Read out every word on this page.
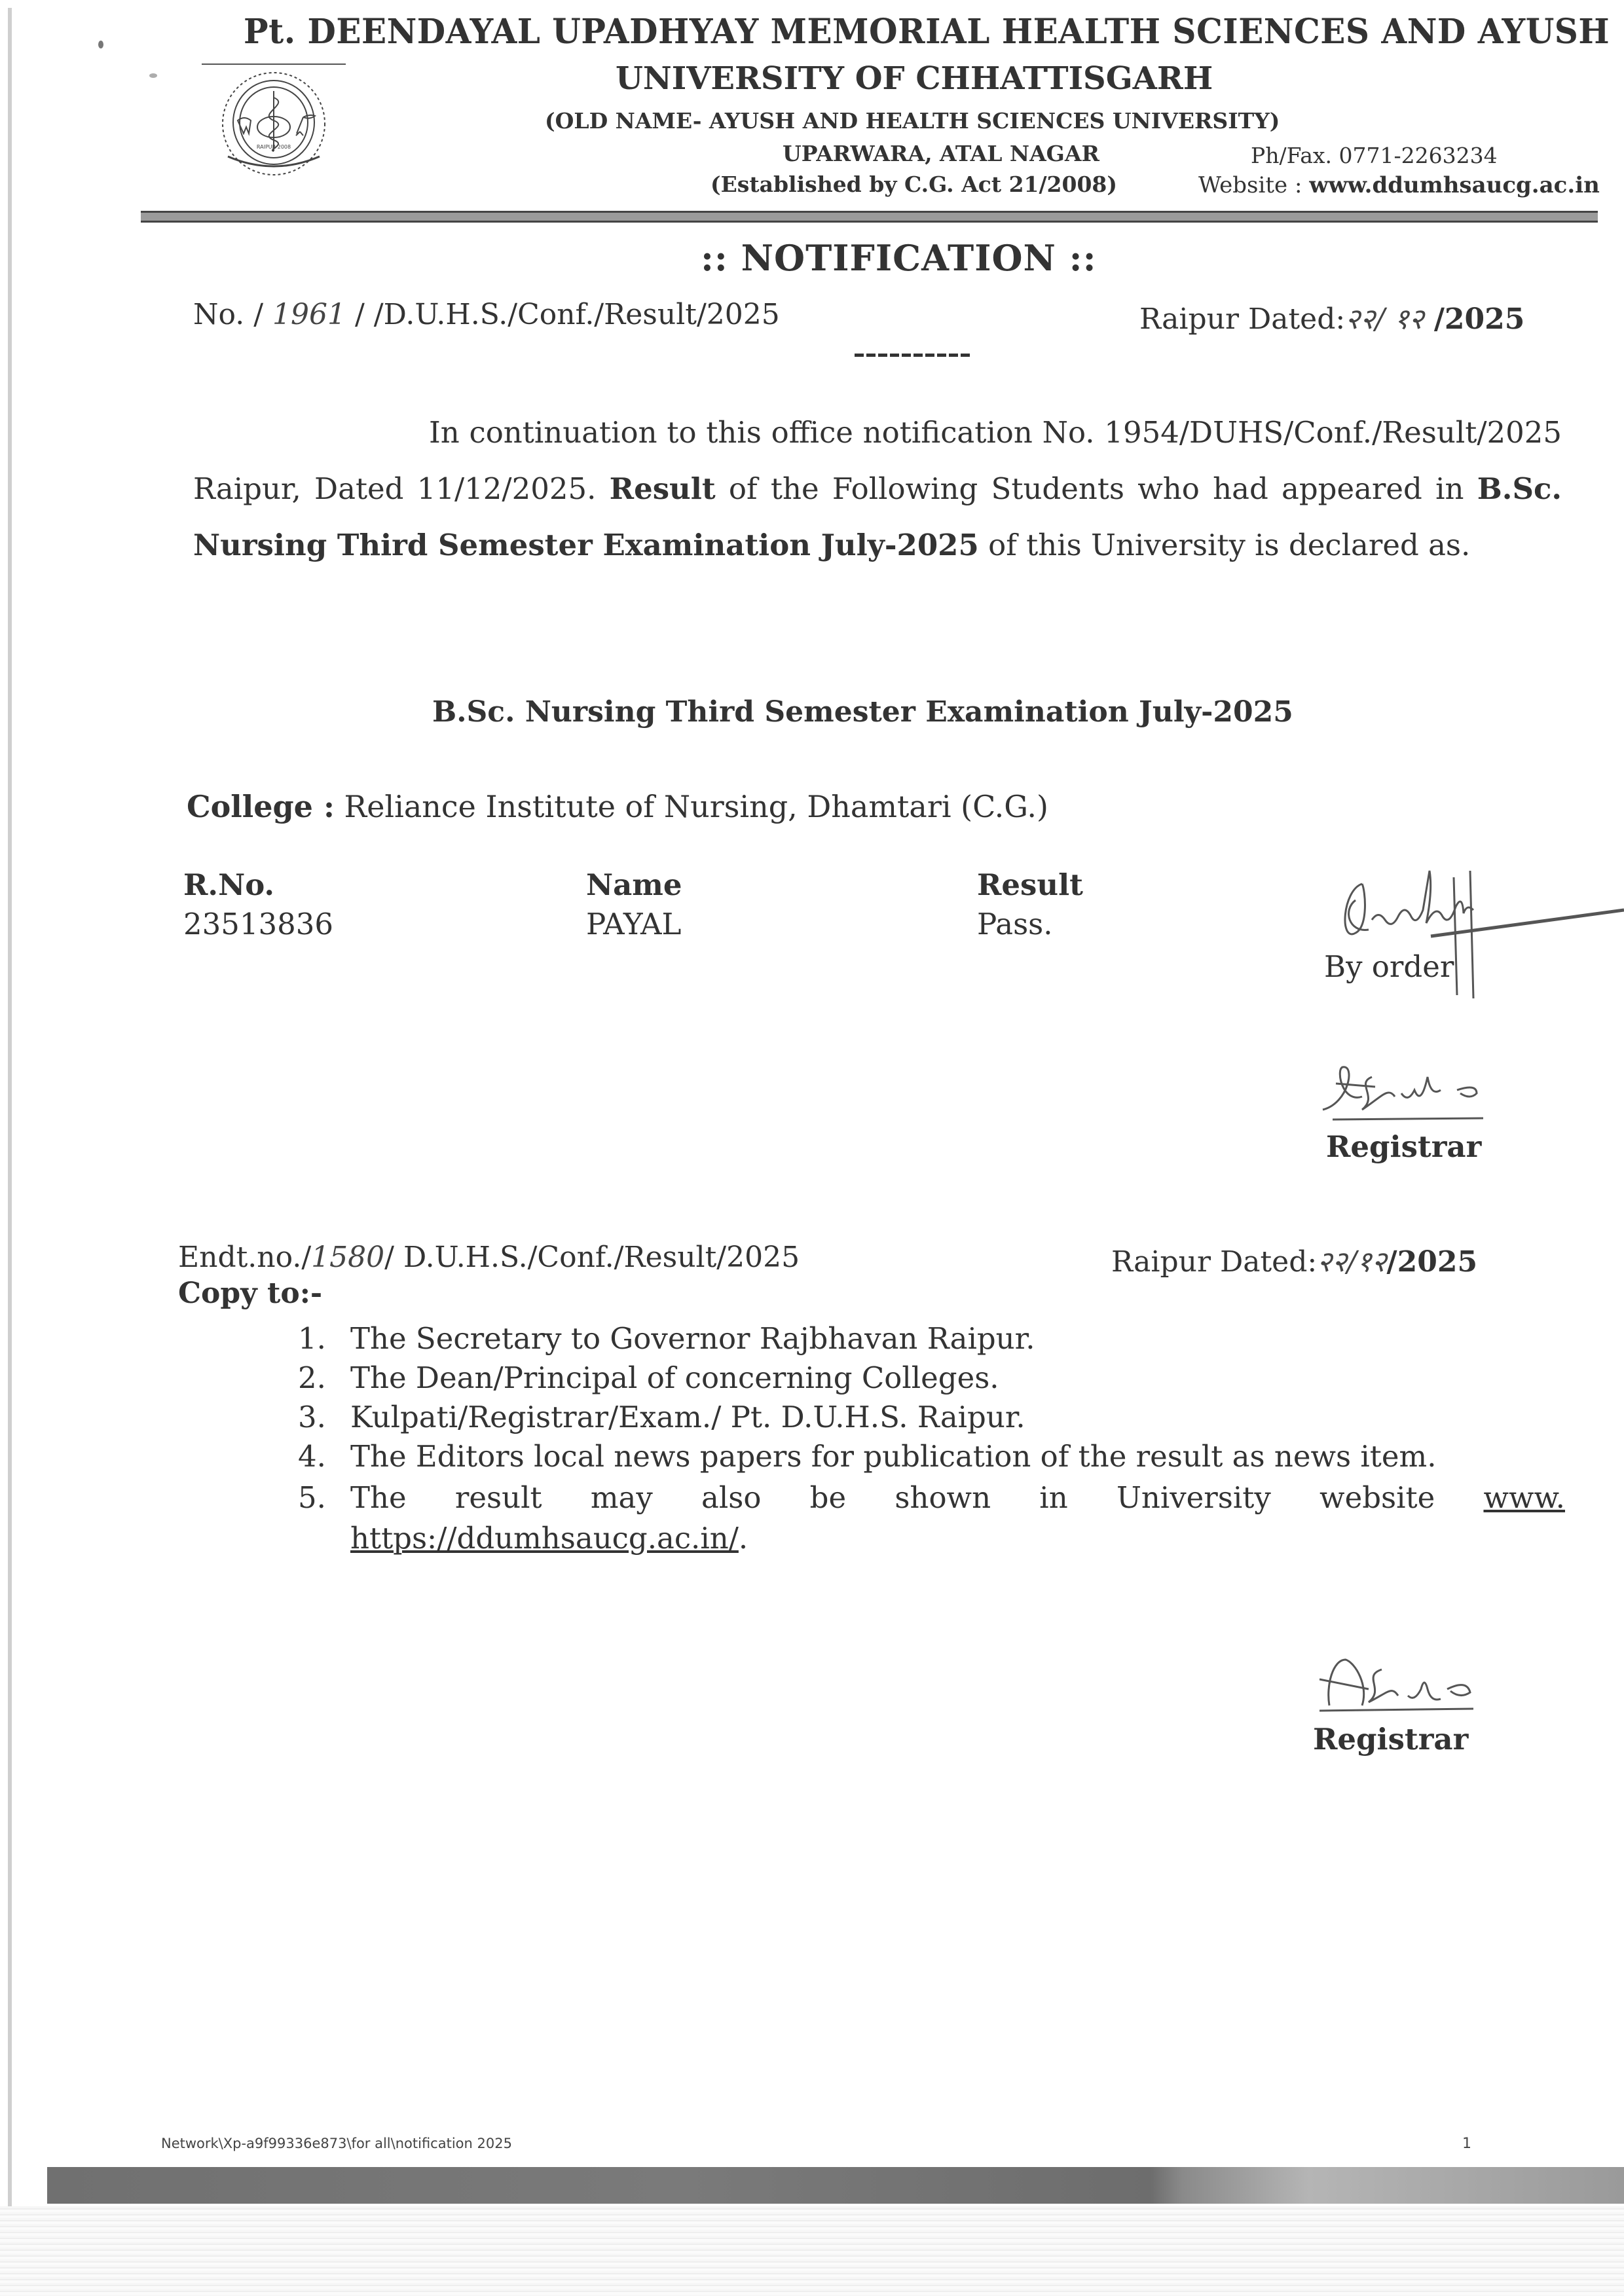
RAIPUR 2008
Pt. DEENDAYAL UPADHYAY MEMORIAL HEALTH SCIENCES AND AYUSH
UNIVERSITY OF CHHATTISGARH
(OLD NAME- AYUSH AND HEALTH SCIENCES UNIVERSITY)
UPARWARA, ATAL NAGAR
(Established by C.G. Act 21/2008)
Ph/Fax. 0771-2263234
Website : www.ddumhsaucg.ac.in
:: NOTIFICATION ::
No. / 1961 / /D.U.H.S./Conf./Result/2025	Raipur Dated:२२/ १२ /2025
In continuation to this office notification No. 1954/DUHS/Conf./Result/2025 Raipur, Dated 11/12/2025. Result of the Following Students who had appeared in B.Sc. Nursing Third Semester Examination July-2025 of this University is declared as.
B.Sc. Nursing Third Semester Examination July-2025
College : Reliance Institute of Nursing, Dhamtari (C.G.)
R.No.	Name	Result
23513836	PAYAL	Pass.
By order
Registrar
Endt.no./1580/ D.U.H.S./Conf./Result/2025	Raipur Dated:२२/१२/2025
Copy to:-
1. The Secretary to Governor Rajbhavan Raipur.
2. The Dean/Principal of concerning Colleges.
3. Kulpati/Registrar/Exam./ Pt. D.U.H.S. Raipur.
4. The Editors local news papers for publication of the result as news item.
5. The result may also be shown in University website www.
https://ddumhsaucg.ac.in/.
Registrar
Network\Xp-a9f99336e873\for all\notification 2025	1
